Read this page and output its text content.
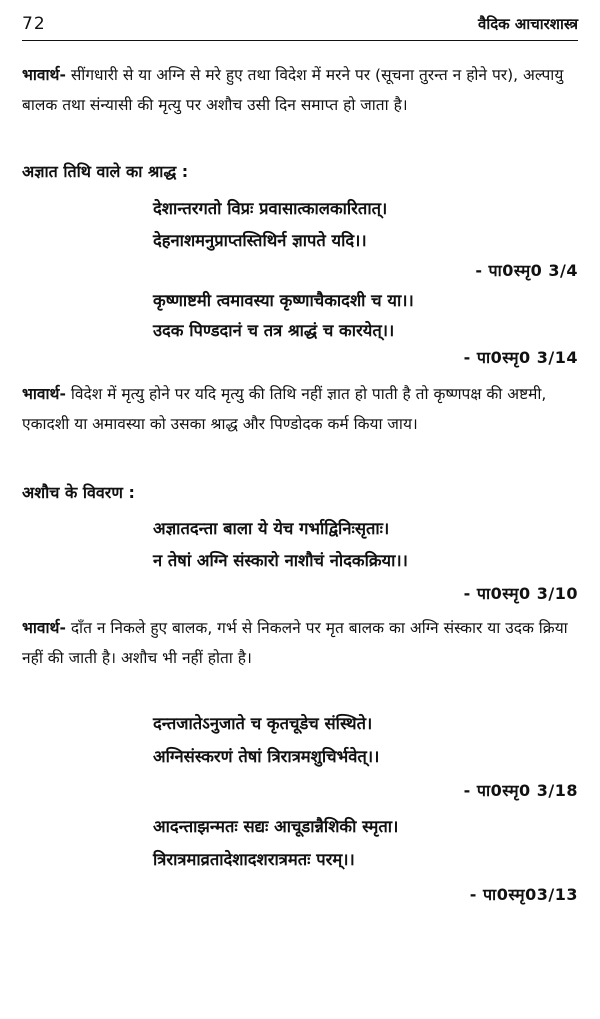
72	वैदिक आचारशास्त्र
भावार्थ- सींगधारी से या अग्नि से मरे हुए तथा विदेश में मरने पर (सूचना तुरन्त न होने पर), अल्पायु बालक तथा संन्यासी की मृत्यु पर अशौच उसी दिन समाप्त हो जाता है।
अज्ञात तिथि वाले का श्राद्ध :
देशान्तरगतो विप्रः प्रवासात्कालकारितात्।
देहनाशमनुप्राप्तस्तिथिर्न ज्ञापते यदि।।
- पा0स्मृ0 3/4
कृष्णाष्टमी त्वमावस्या कृष्णाचैकादशी च या।।
उदक पिण्डदानं च तत्र श्राद्धं च कारयेत्।।
- पा0स्मृ0 3/14
भावार्थ- विदेश में मृत्यु होने पर यदि मृत्यु की तिथि नहीं ज्ञात हो पाती है तो कृष्णपक्ष की अष्टमी, एकादशी या अमावस्या को उसका श्राद्ध और पिण्डोदक कर्म किया जाय।
अशौच के विवरण :
अज्ञातदन्ता बाला ये येच गर्भाद्विनिःसृताः।
न तेषां अग्नि संस्कारो नाशौचं नोदकक्रिया।।
- पा0स्मृ0 3/10
भावार्थ- दाँत न निकले हुए बालक, गर्भ से निकलने पर मृत बालक का अग्नि संस्कार या उदक क्रिया नहीं की जाती है। अशौच भी नहीं होता है।
दन्तजातेऽनुजाते च कृतचूडेच संस्थिते।
अग्निसंस्करणं तेषां त्रिरात्रमशुचिर्भवेत्।।
- पा0स्मृ0 3/18
आदन्ताझन्मतः सद्यः आचूडान्नैशिकी स्मृता।
त्रिरात्रमाव्रतादेशादशरात्रमतः परम्।।
- पा0स्मृ03/13
